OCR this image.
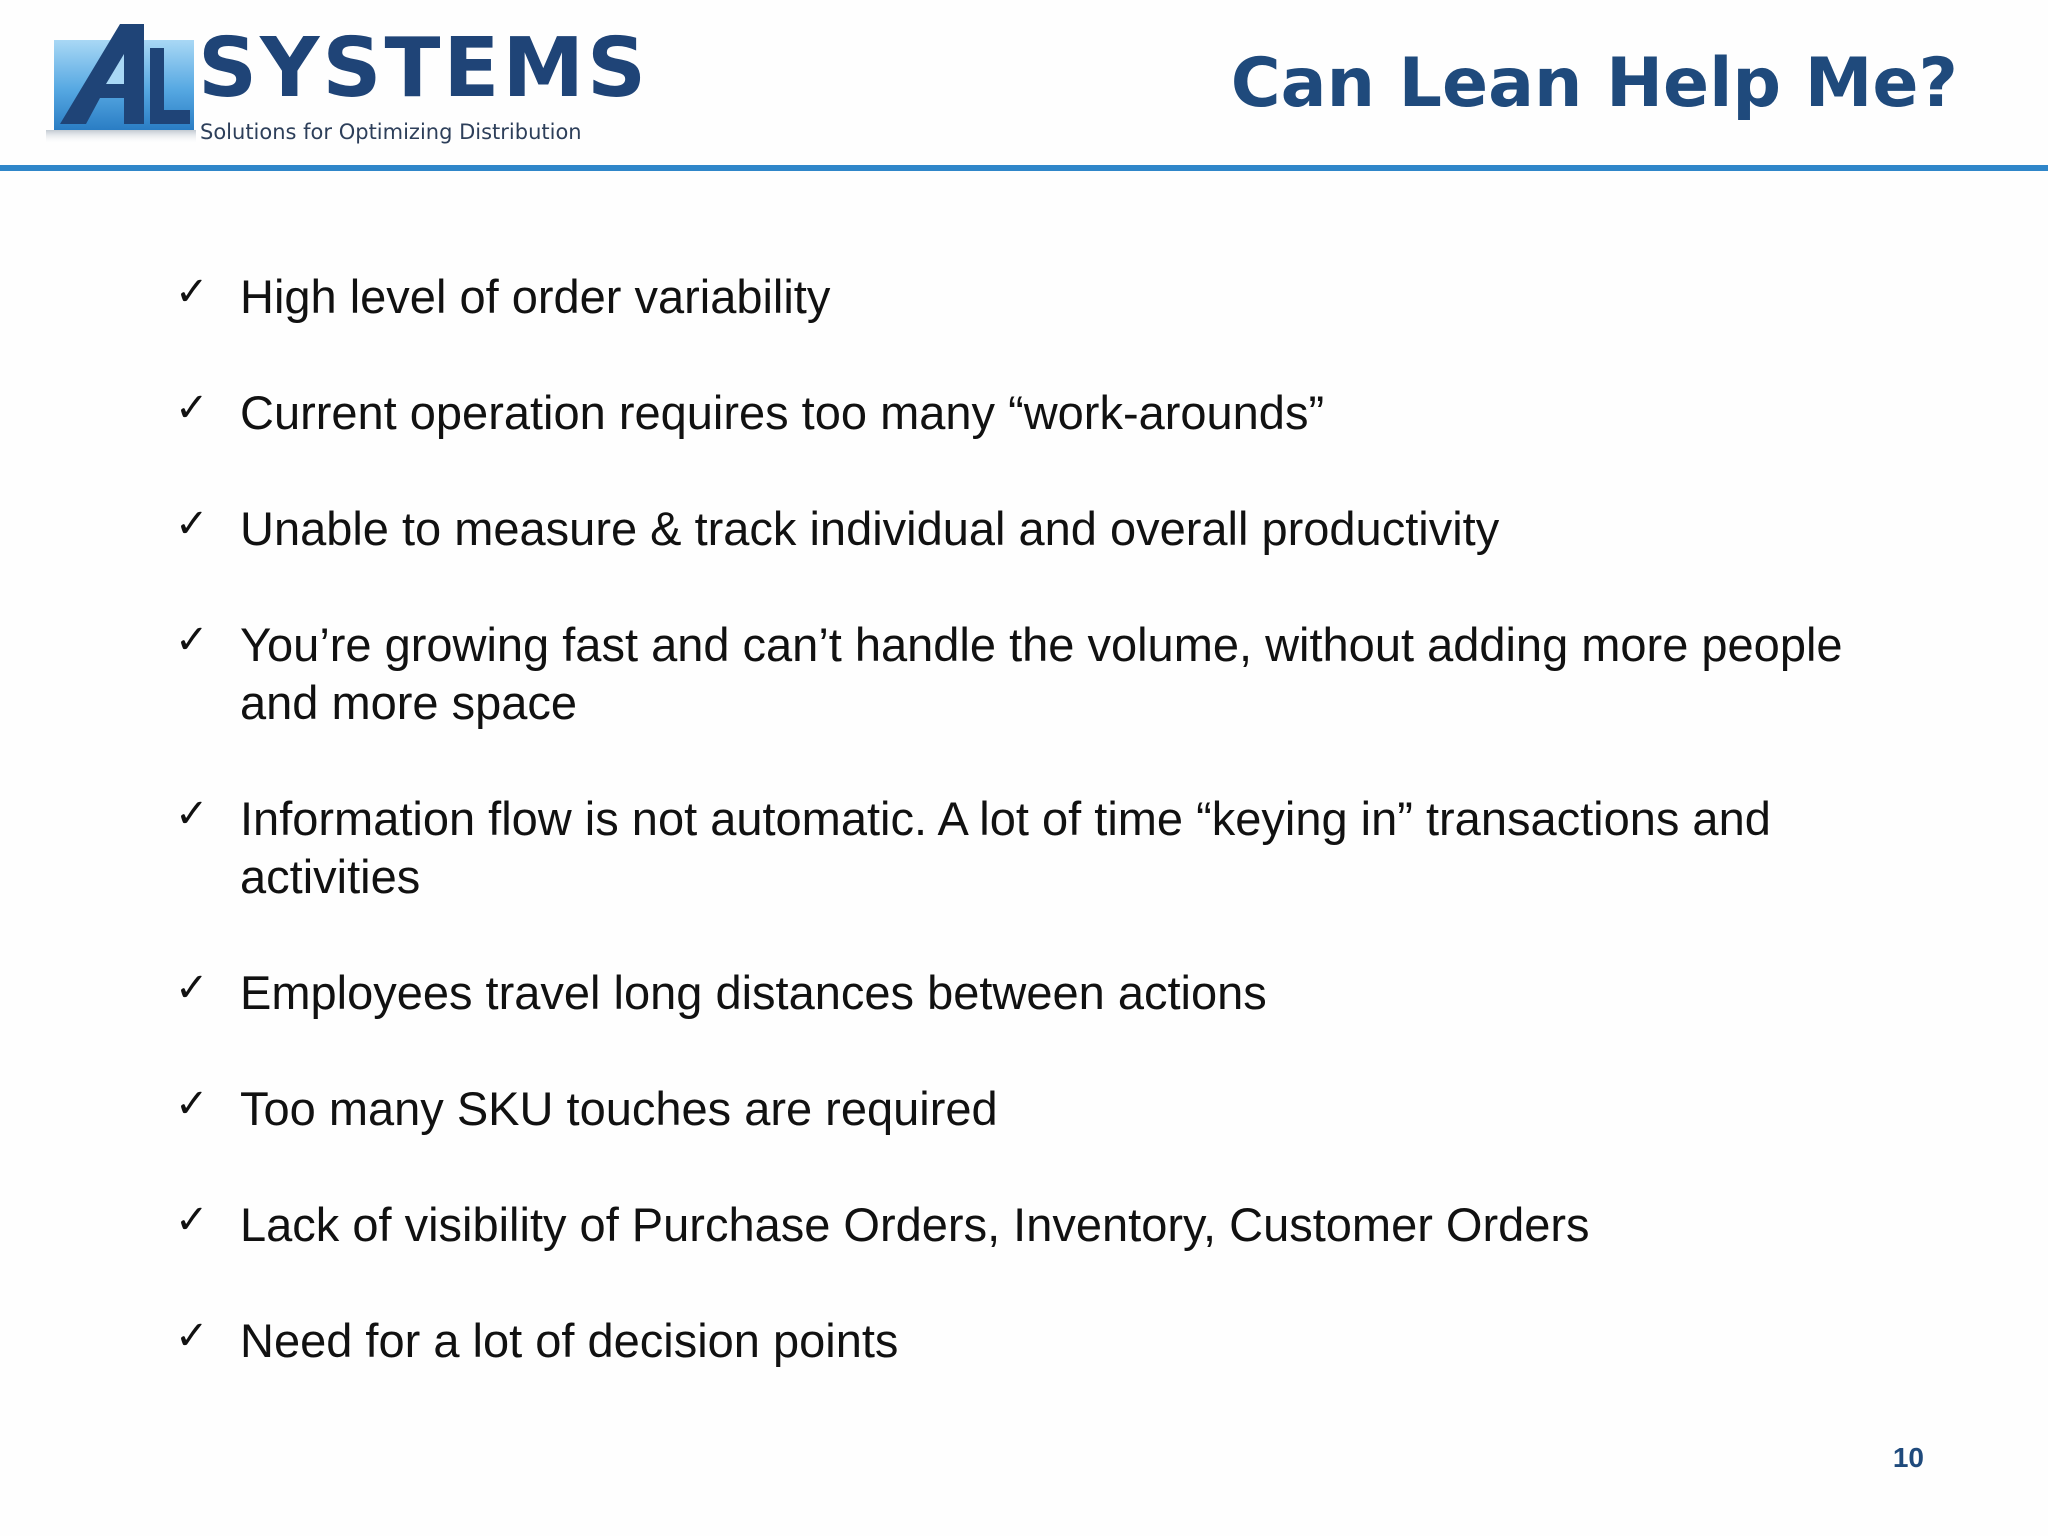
SYSTEMS
Solutions for Optimizing Distribution
Can Lean Help Me?
✓ High level of order variability
✓ Current operation requires too many “work-arounds”
✓ Unable to measure & track individual and overall productivity
✓ You’re growing fast and can’t handle the volume, without adding more people and more space
✓ Information flow is not automatic. A lot of time “keying in” transactions and activities
✓ Employees travel long distances between actions
✓ Too many SKU touches are required
✓ Lack of visibility of Purchase Orders, Inventory, Customer Orders
✓ Need for a lot of decision points
10
